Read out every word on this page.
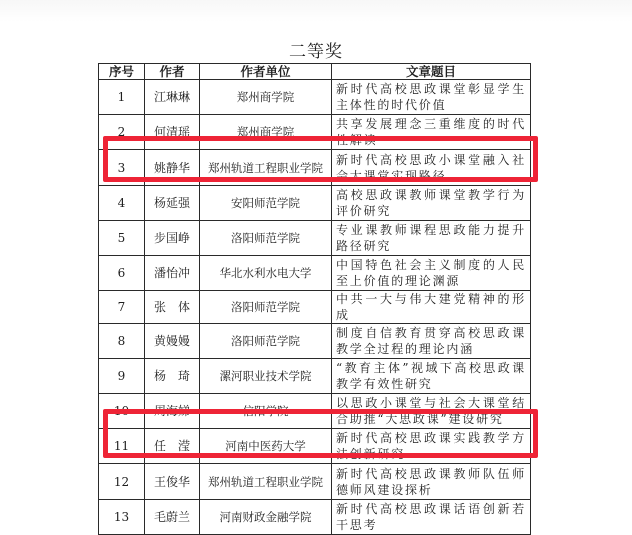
二等奖
序号	作者	作者单位	文章题目
1	江琳琳	郑州商学院	新时代高校思政课堂彰显学生主体性的时代价值
2	何清瑶	郑州商学院	共享发展理念三重维度的时代性解读
3	姚静华	郑州轨道工程职业学院	新时代高校思政小课堂融入社会大课堂实现路径
4	杨延强	安阳师范学院	高校思政课教师课堂教学行为评价研究
5	步国峥	洛阳师范学院	专业课教师课程思政能力提升路径研究
6	潘怡冲	华北水利水电大学	中国特色社会主义制度的人民至上价值的理论渊源
7	张　体	洛阳师范学院	中共一大与伟大建党精神的形成
8	黄嫚嫚	洛阳师范学院	制度自信教育贯穿高校思政课教学全过程的理论内涵
9	杨　琦	漯河职业技术学院	“教育主体”视域下高校思政课教学有效性研究
10	周海娣	信阳学院	以思政小课堂与社会大课堂结合助推“大思政课”建设研究
11	任　滢	河南中医药大学	新时代高校思政课实践教学方法创新研究
12	王俊华	郑州轨道工程职业学院	新时代高校思政课教师队伍师德师风建设探析
13	毛蔚兰	河南财政金融学院	新时代高校思政课话语创新若干思考
